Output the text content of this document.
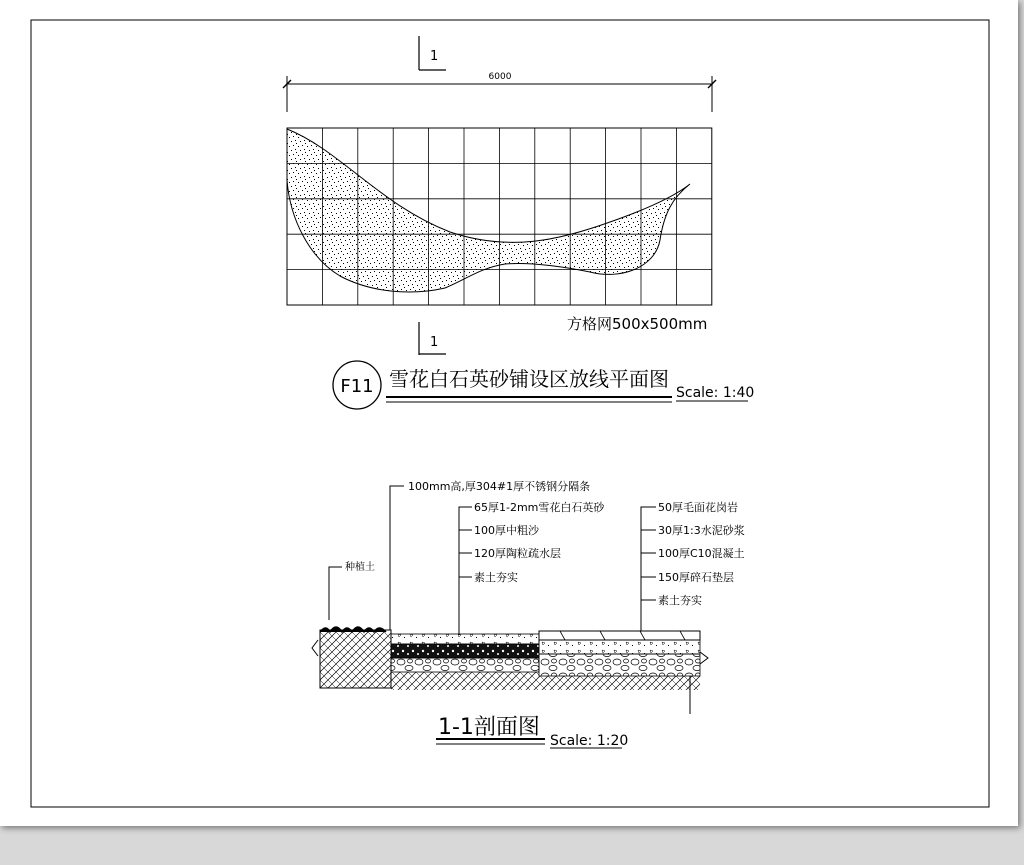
1
1
6000
方格网500x500mm
F11 雪花白石英砂铺设区放线平面图
Scale: 1:40
100mm高,厚304#1厚不锈钢分隔条
种植土
65厚1-2mm雪花白石英砂
100厚中粗沙
120厚陶粒疏水层
素土夯实
50厚毛面花岗岩
30厚1:3水泥砂浆
100厚C10混凝土
150厚碎石垫层
素土夯实
1-1剖面图
Scale: 1:20
